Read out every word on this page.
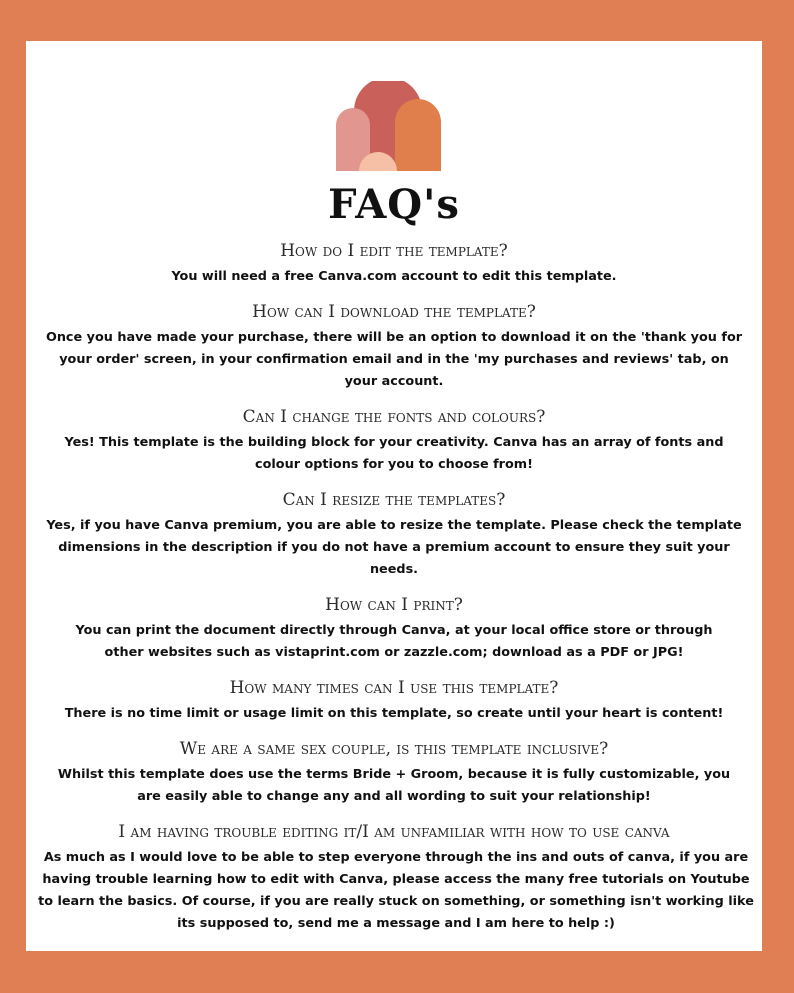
FAQ's
How do I edit the template?
You will need a free Canva.com account to edit this template.
How can I download the template?
Once you have made your purchase, there will be an option to download it on the 'thank you for your order' screen, in your confirmation email and in the 'my purchases and reviews' tab, on your account.
Can I change the fonts and colours?
Yes! This template is the building block for your creativity. Canva has an array of fonts and colour options for you to choose from!
Can I resize the templates?
Yes, if you have Canva premium, you are able to resize the template. Please check the template dimensions in the description if you do not have a premium account to ensure they suit your needs.
How can I print?
You can print the document directly through Canva, at your local office store or through other websites such as vistaprint.com or zazzle.com; download as a PDF or JPG!
How many times can I use this template?
There is no time limit or usage limit on this template, so create until your heart is content!
We are a same sex couple, is this template inclusive?
Whilst this template does use the terms Bride + Groom, because it is fully customizable, you are easily able to change any and all wording to suit your relationship!
I am having trouble editing it/I am unfamiliar with how to use canva
As much as I would love to be able to step everyone through the ins and outs of canva, if you are having trouble learning how to edit with Canva, please access the many free tutorials on Youtube to learn the basics. Of course, if you are really stuck on something, or something isn't working like its supposed to, send me a message and I am here to help :)
